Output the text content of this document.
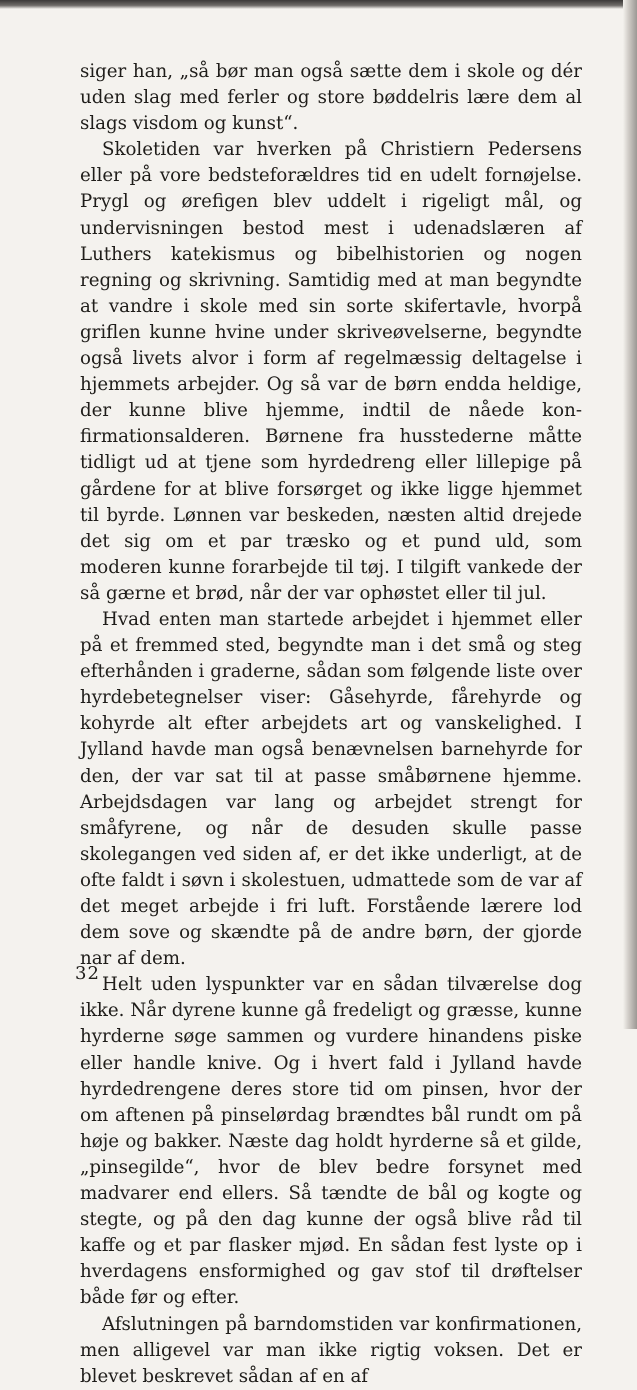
siger han, „så bør man også sætte dem i skole og dér uden slag med ferler og store bøddelris lære dem al slags visdom og kunst“.

Skoletiden var hverken på Christiern Pedersens eller på vore bedsteforældres tid en udelt fornøjelse. Prygl og ørefigen blev uddelt i rigeligt mål, og undervisningen bestod mest i udenadslæren af Luthers katekismus og bibelhistorien og nogen regning og skrivning. Samtidig med at man begyndte at vandre i skole med sin sorte skifertavle, hvorpå griflen kunne hvine under skriveøvelserne, begyndte også livets alvor i form af regelmæssig deltagelse i hjemmets arbejder. Og så var de børn endda heldige, der kunne blive hjemme, indtil de nåede konfirmationsalderen. Børnene fra husstederne måtte tidligt ud at tjene som hyrdedreng eller lillepige på gårdene for at blive forsørget og ikke ligge hjemmet til byrde. Lønnen var beskeden, næsten altid drejede det sig om et par træsko og et pund uld, som moderen kunne forarbejde til tøj. I tilgift vankede der så gærne et brød, når der var ophøstet eller til jul.

Hvad enten man startede arbejdet i hjemmet eller på et fremmed sted, begyndte man i det små og steg efterhånden i graderne, sådan som følgende liste over hyrdebetegnelser viser: Gåsehyrde, fårehyrde og kohyrde alt efter arbejdets art og vanskelighed. I Jylland havde man også benævnelsen barnehyrde for den, der var sat til at passe småbørnene hjemme. Arbejdsdagen var lang og arbejdet strengt for småfyrene, og når de desuden skulle passe skolegangen ved siden af, er det ikke underligt, at de ofte faldt i søvn i skolestuen, udmattede som de var af det meget arbejde i fri luft. Forstående lærere lod dem sove og skændte på de andre børn, der gjorde nar af dem.

Helt uden lyspunkter var en sådan tilværelse dog ikke. Når dyrene kunne gå fredeligt og græsse, kunne hyrderne søge sammen og vurdere hinandens piske eller handle knive. Og i hvert fald i Jylland havde hyrdedrengene deres store tid om pinsen, hvor der om aftenen på pinselørdag brændtes bål rundt om på høje og bakker. Næste dag holdt hyrderne så et gilde, „pinsegilde“, hvor de blev bedre forsynet med madvarer end ellers. Så tændte de bål og kogte og stegte, og på den dag kunne der også blive råd til kaffe og et par flasker mjød. En sådan fest lyste op i hverdagens ensformighed og gav stof til drøftelser både før og efter.

Afslutningen på barndomstiden var konfirmationen, men alligevel var man ikke rigtig voksen. Det er blevet beskrevet sådan af en af

32
